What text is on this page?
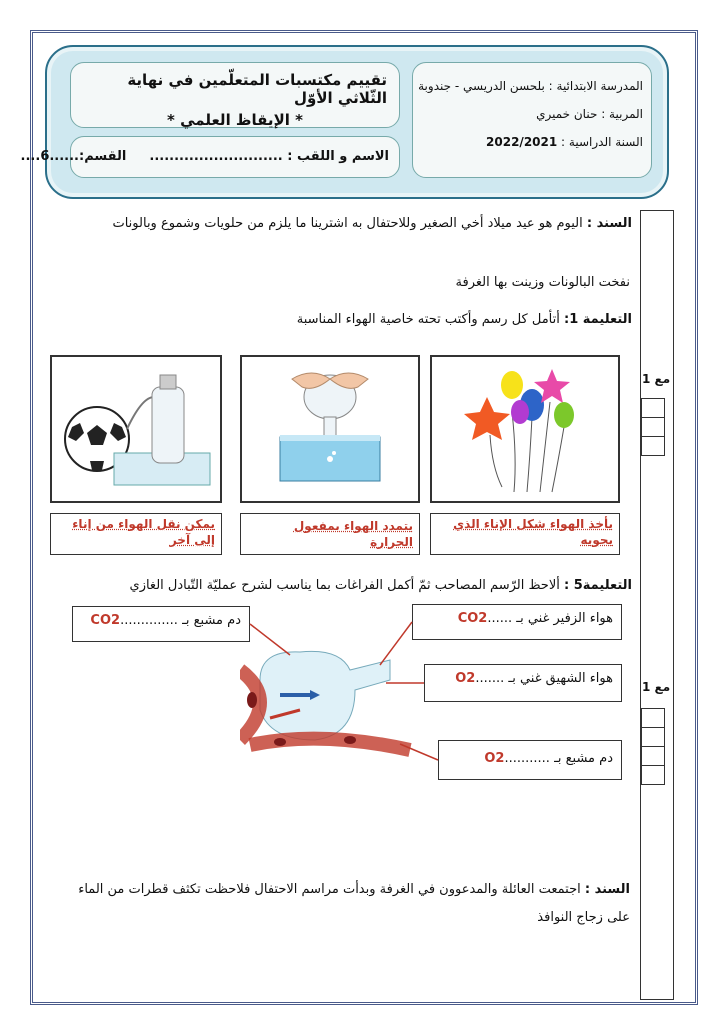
تقييم مكتسبات المتعلّمين في نهاية الثّلاثي الأوّل
* الإيقاظ العلمي *
الاسم و اللقب : ...........................  القسم:......6....
المدرسة الابتدائية : بلحسن الدريسي - جندوبة
المربية : حنان خميري
السنة الدراسية : 2022/2021
مع 1
مع 1
السند : اليوم هو عيد ميلاد أخي الصغير وللاحتفال به اشترينا ما يلزم من حلويات وشموع وبالونات
نفخت البالونات وزينت بها الغرفة
التعليمة 1: أتأمل كل رسم وأكتب تحته خاصية الهواء المناسبة
يأخذ الهواء شكل الإناء الذي يحويه
يتمدد الهواء بمفعول الحرارة
يمكن نقل الهواء من إناء إلى آخر
التعليمة5 : ألاحظ الرّسم المصاحب ثمّ أكمل الفراغات بما يناسب لشرح عمليّة التّبادل الغازي
هواء الزفير غني بـ ......CO2
هواء الشهيق غني بـ .......O2
دم مشبع بـ ...........O2
دم مشبع بـ ..............CO2
السند : اجتمعت العائلة والمدعوون في الغرفة وبدأت مراسم الاحتفال فلاحظت تكثف قطرات من الماء على زجاج النوافذ
